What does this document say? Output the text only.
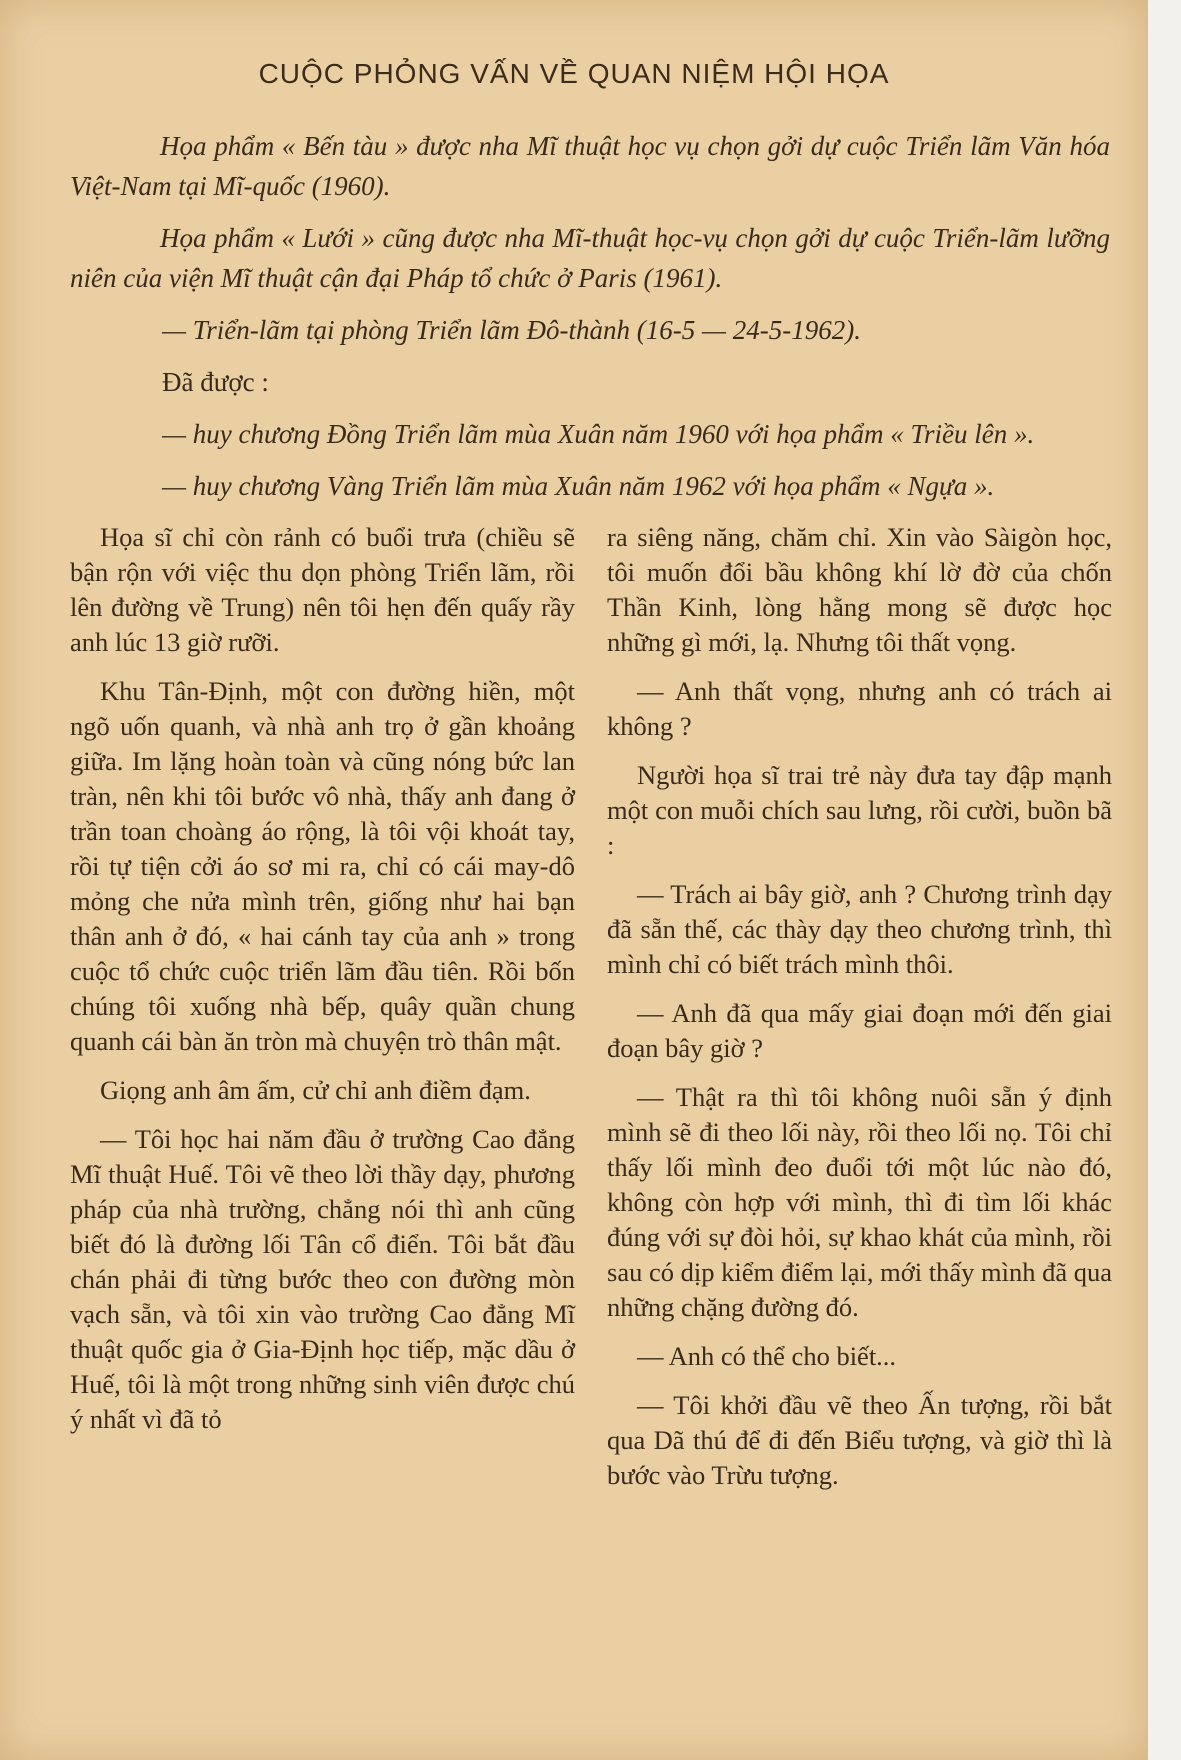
CUỘC PHỎNG VẤN VỀ QUAN NIỆM HỘI HỌA

Họa phẩm « Bến tàu » được nha Mĩ thuật học vụ chọn gởi dự cuộc Triển lãm Văn hóa Việt-Nam tại Mĩ-quốc (1960).

Họa phẩm « Lưới » cũng được nha Mĩ-thuật học-vụ chọn gởi dự cuộc Triển-lãm lưỡng niên của viện Mĩ thuật cận đại Pháp tổ chức ở Paris (1961).

— Triển-lãm tại phòng Triển lãm Đô-thành (16-5 — 24-5-1962).

Đã được :

— huy chương Đồng Triển lãm mùa Xuân năm 1960 với họa phẩm « Triều lên ».

— huy chương Vàng Triển lãm mùa Xuân năm 1962 với họa phẩm « Ngựa ».

Họa sĩ chỉ còn rảnh có buổi trưa (chiều sẽ bận rộn với việc thu dọn phòng Triển lãm, rồi lên đường về Trung) nên tôi hẹn đến quấy rầy anh lúc 13 giờ rưỡi.

Khu Tân-Định, một con đường hiền, một ngõ uốn quanh, và nhà anh trọ ở gần khoảng giữa. Im lặng hoàn toàn và cũng nóng bức lan tràn, nên khi tôi bước vô nhà, thấy anh đang ở trần toan choàng áo rộng, là tôi vội khoát tay, rồi tự tiện cởi áo sơ mi ra, chỉ có cái may-dô mỏng che nửa mình trên, giống như hai bạn thân anh ở đó, « hai cánh tay của anh » trong cuộc tổ chức cuộc triển lãm đầu tiên. Rồi bốn chúng tôi xuống nhà bếp, quây quần chung quanh cái bàn ăn tròn mà chuyện trò thân mật.

Giọng anh âm ấm, cử chỉ anh điềm đạm.

— Tôi học hai năm đầu ở trường Cao đẳng Mĩ thuật Huế. Tôi vẽ theo lời thầy dạy, phương pháp của nhà trường, chẳng nói thì anh cũng biết đó là đường lối Tân cổ điển. Tôi bắt đầu chán phải đi từng bước theo con đường mòn vạch sẵn, và tôi xin vào trường Cao đẳng Mĩ thuật quốc gia ở Gia-Định học tiếp, mặc dầu ở Huế, tôi là một trong những sinh viên được chú ý nhất vì đã tỏ

ra siêng năng, chăm chỉ. Xin vào Sàigòn học, tôi muốn đổi bầu không khí lờ đờ của chốn Thần Kinh, lòng hằng mong sẽ được học những gì mới, lạ. Nhưng tôi thất vọng.

— Anh thất vọng, nhưng anh có trách ai không ?

Người họa sĩ trai trẻ này đưa tay đập mạnh một con muỗi chích sau lưng, rồi cười, buồn bã :

— Trách ai bây giờ, anh ? Chương trình dạy đã sẵn thế, các thày dạy theo chương trình, thì mình chỉ có biết trách mình thôi.

— Anh đã qua mấy giai đoạn mới đến giai đoạn bây giờ ?

— Thật ra thì tôi không nuôi sẵn ý định mình sẽ đi theo lối này, rồi theo lối nọ. Tôi chỉ thấy lối mình đeo đuổi tới một lúc nào đó, không còn hợp với mình, thì đi tìm lối khác đúng với sự đòi hỏi, sự khao khát của mình, rồi sau có dịp kiểm điểm lại, mới thấy mình đã qua những chặng đường đó.

— Anh có thể cho biết...

— Tôi khởi đầu vẽ theo Ấn tượng, rồi bắt qua Dã thú để đi đến Biểu tượng, và giờ thì là bước vào Trừu tượng.
